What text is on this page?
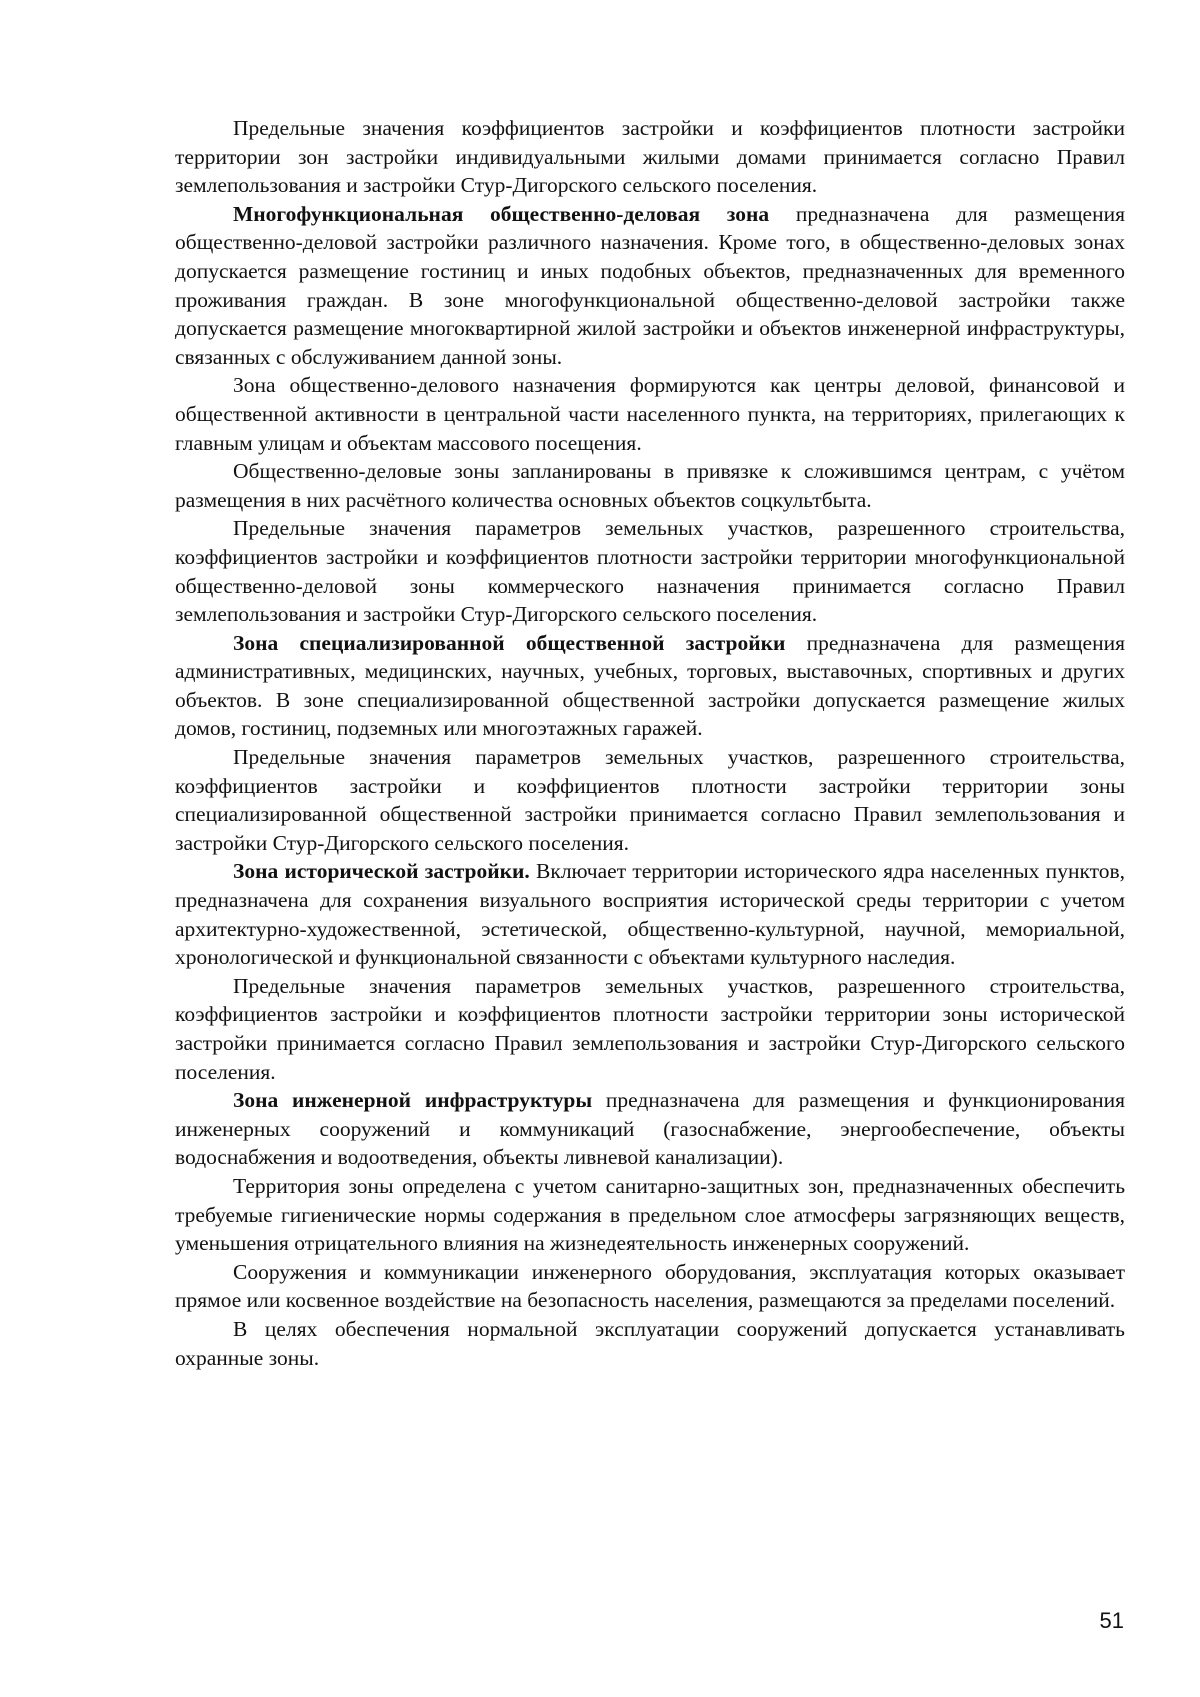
Предельные значения коэффициентов застройки и коэффициентов плотности застройки территории зон застройки индивидуальными жилыми домами принимается согласно Правил землепользования и застройки Стур-Дигорского сельского поселения.

Многофункциональная общественно-деловая зона предназначена для размещения общественно-деловой застройки различного назначения. Кроме того, в общественно-деловых зонах допускается размещение гостиниц и иных подобных объектов, предназначенных для временного проживания граждан. В зоне многофункциональной общественно-деловой застройки также допускается размещение многоквартирной жилой застройки и объектов инженерной инфраструктуры, связанных с обслуживанием данной зоны.

Зона общественно-делового назначения формируются как центры деловой, финансовой и общественной активности в центральной части населенного пункта, на территориях, прилегающих к главным улицам и объектам массового посещения.

Общественно-деловые зоны запланированы в привязке к сложившимся центрам, с учётом размещения в них расчётного количества основных объектов соцкультбыта.

Предельные значения параметров земельных участков, разрешенного строительства, коэффициентов застройки и коэффициентов плотности застройки территории многофункциональной общественно-деловой зоны коммерческого назначения принимается согласно Правил землепользования и застройки Стур-Дигорского сельского поселения.

Зона специализированной общественной застройки предназначена для размещения административных, медицинских, научных, учебных, торговых, выставочных, спортивных и других объектов. В зоне специализированной общественной застройки допускается размещение жилых домов, гостиниц, подземных или многоэтажных гаражей.

Предельные значения параметров земельных участков, разрешенного строительства, коэффициентов застройки и коэффициентов плотности застройки территории зоны специализированной общественной застройки принимается согласно Правил землепользования и застройки Стур-Дигорского сельского поселения.

Зона исторической застройки. Включает территории исторического ядра населенных пунктов, предназначена для сохранения визуального восприятия исторической среды территории с учетом архитектурно-художественной, эстетической, общественно-культурной, научной, мемориальной, хронологической и функциональной связанности с объектами культурного наследия.

Предельные значения параметров земельных участков, разрешенного строительства, коэффициентов застройки и коэффициентов плотности застройки территории зоны исторической застройки принимается согласно Правил землепользования и застройки Стур-Дигорского сельского поселения.

Зона инженерной инфраструктуры предназначена для размещения и функционирования инженерных сооружений и коммуникаций (газоснабжение, энергообеспечение, объекты водоснабжения и водоотведения, объекты ливневой канализации).

Территория зоны определена с учетом санитарно-защитных зон, предназначенных обеспечить требуемые гигиенические нормы содержания в предельном слое атмосферы загрязняющих веществ, уменьшения отрицательного влияния на жизнедеятельность инженерных сооружений.

Сооружения и коммуникации инженерного оборудования, эксплуатация которых оказывает прямое или косвенное воздействие на безопасность населения, размещаются за пределами поселений.

В целях обеспечения нормальной эксплуатации сооружений допускается устанавливать охранные зоны.

51
